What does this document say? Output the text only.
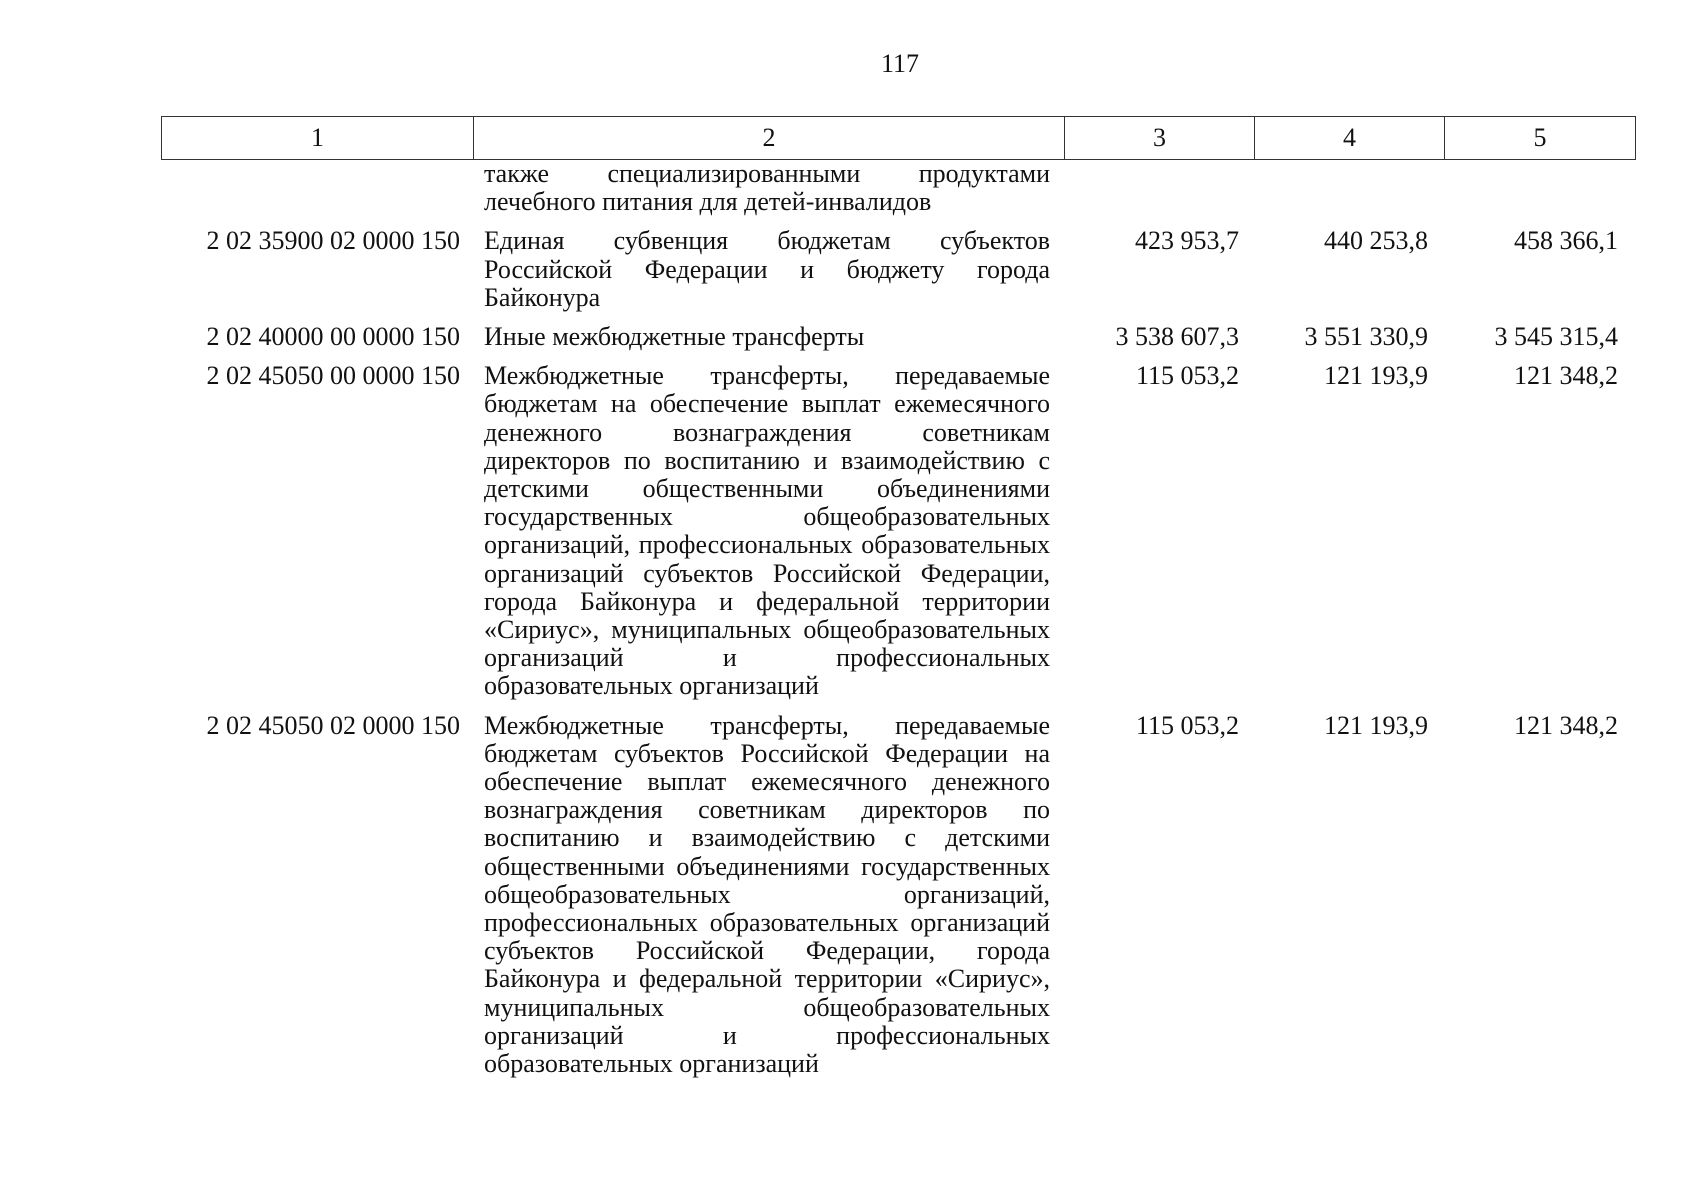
117
1	2	3	4	5
	также специализированными продуктами лечебного питания для детей-инвалидов			
2 02 35900 02 0000 150	Единая субвенция бюджетам субъектов Российской Федерации и бюджету города Байконура	423 953,7	440 253,8	458 366,1
2 02 40000 00 0000 150	Иные межбюджетные трансферты	3 538 607,3	3 551 330,9	3 545 315,4
2 02 45050 00 0000 150	Межбюджетные трансферты, передаваемые бюджетам на обеспечение выплат ежемесячного денежного вознаграждения советникам директоров по воспитанию и взаимодействию с детскими общественными объединениями государственных общеобразовательных организаций, профессиональных образовательных организаций субъектов Российской Федерации, города Байконура и федеральной территории «Сириус», муниципальных общеобразовательных организаций и профессиональных образовательных организаций	115 053,2	121 193,9	121 348,2
2 02 45050 02 0000 150	Межбюджетные трансферты, передаваемые бюджетам субъектов Российской Федерации на обеспечение выплат ежемесячного денежного вознаграждения советникам директоров по воспитанию и взаимодействию с детскими общественными объединениями государственных общеобразовательных организаций, профессиональных образовательных организаций субъектов Российской Федерации, города Байконура и федеральной территории «Сириус», муниципальных общеобразовательных организаций и профессиональных образовательных организаций	115 053,2	121 193,9	121 348,2
